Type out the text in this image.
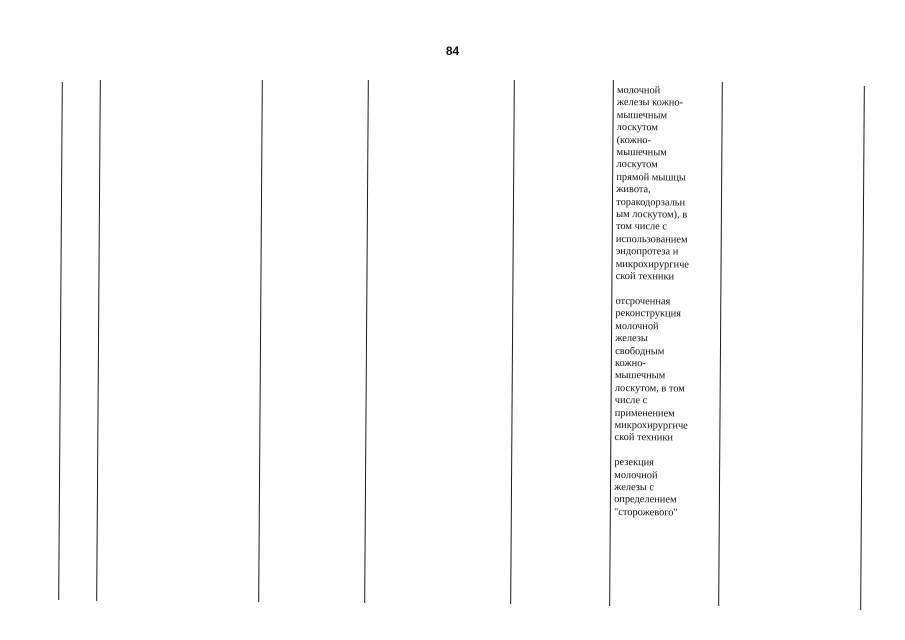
84
молочной
железы кожно-
мышечным
лоскутом
(кожно-
мышечным
лоскутом
прямой мышцы
живота,
торакодорзальн
ым лоскутом), в
том числе с
использованием
эндопротеза и
микрохирургиче
ской техники
отсроченная
реконструкция
молочной
железы
свободным
кожно-
мышечным
лоскутом, в том
числе с
применением
микрохирургиче
ской техники
резекция
молочной
железы с
определением
"сторожевого"
